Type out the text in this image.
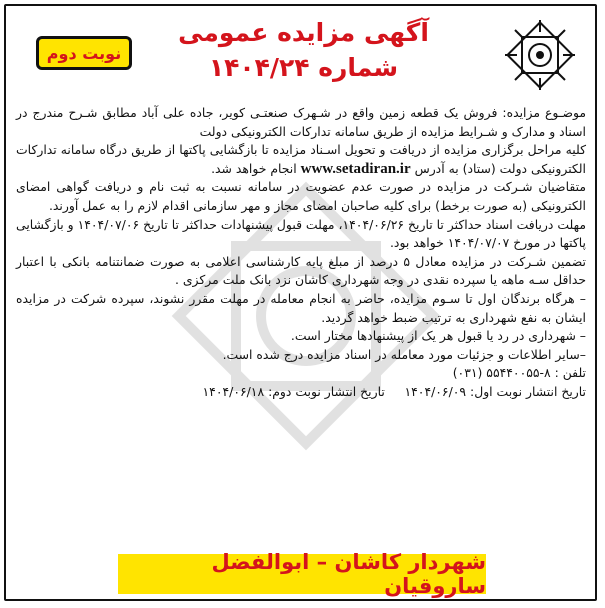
نوبت دوم
آگهی مزایده عمومی
شماره ۱۴۰۴/۲۴

موضـوع مزایده: فروش یک قطعه زمین واقع در شـهرک صنعتـی کویر، جاده علی آباد مطابق شـرح مندرج در اسناد و مدارک و شـرایط مزایده از طریق سامانه تدارکات الکترونیکی دولت

کلیه مراحل برگزاری مزایده از دریافت و تحویل اسـناد مزایده تا بازگشایی پاکتها از طریق درگاه سامانه تدارکات الکترونیکی دولت (ستاد) به آدرس www.setadiran.ir انجام خواهد شد.

متقاضیان شـرکت در مزایده در صورت عدم عضویت در سامانه نسبت به ثبت نام و دریافت گواهی امضای الکترونیکی (به صورت برخط) برای کلیه صاحبان امضای مجاز و مهر سازمانی اقدام لازم را به عمل آورند.

مهلت دریافت اسناد حداکثر تا تاریخ ۱۴۰۴/۰۶/۲۶، مهلت قبول پیشنهادات حداکثر تا تاریخ ۱۴۰۴/۰۷/۰۶ و بازگشایی پاکتها در مورخ ۱۴۰۴/۰۷/۰۷ خواهد بود.

تضمین شـرکت در مزایده معادل ۵ درصد از مبلغ پایه کارشناسی اعلامی به صورت ضمانتنامه بانکی با اعتبار حداقل سـه ماهه یا سپرده نقدی در وجه شهرداری کاشان نزد بانک ملت مرکزی .

– هرگاه برندگان اول تا سـوم مزایده، حاضر به انجام معامله در مهلت مقرر نشوند، سپرده شرکت در مزایده ایشان به نفع شهرداری به ترتیب ضبط خواهد گردید.

– شهرداری در رد یا قبول هر یک از پیشنهادها مختار است.

–سایر اطلاعات و جزئیات مورد معامله در اسناد مزایده درج شده است.

تلفن : ۸-۵۵۴۴۰۰۵۵ (۰۳۱)

تاریخ انتشار نوبت اول: ۱۴۰۴/۰۶/۰۹     تاریخ انتشار نوبت دوم: ۱۴۰۴/۰۶/۱۸

شهردار کاشان – ابوالفضل ساروقیان
